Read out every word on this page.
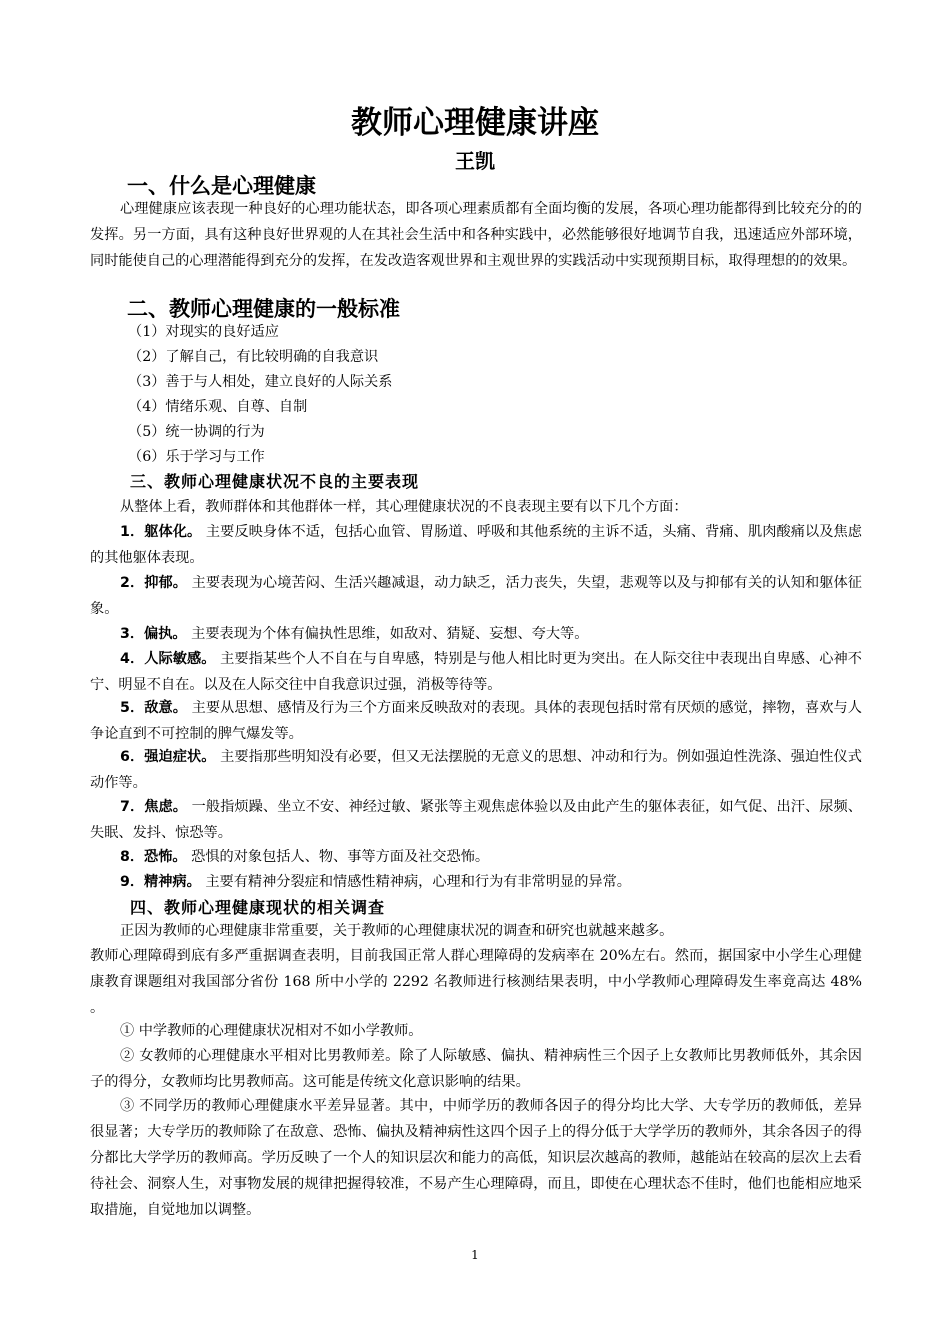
教师心理健康讲座
王凯
一、什么是心理健康
心理健康应该表现一种良好的心理功能状态，即各项心理素质都有全面均衡的发展，各项心理功能都得到比较充分的的发挥。另一方面，具有这种良好世界观的人在其社会生活中和各种实践中，必然能够很好地调节自我，迅速适应外部环境，同时能使自己的心理潜能得到充分的发挥，在发改造客观世界和主观世界的实践活动中实现预期目标，取得理想的的效果。
二、教师心理健康的一般标准
（1）对现实的良好适应
（2）了解自己，有比较明确的自我意识
（3）善于与人相处，建立良好的人际关系
（4）情绪乐观、自尊、自制
（5）统一协调的行为
（6）乐于学习与工作
三、教师心理健康状况不良的主要表现
从整体上看，教师群体和其他群体一样，其心理健康状况的不良表现主要有以下几个方面：
1．躯体化。 主要反映身体不适，包括心血管、胃肠道、呼吸和其他系统的主诉不适，头痛、背痛、肌肉酸痛以及焦虑的其他躯体表现。
2．抑郁。 主要表现为心境苦闷、生活兴趣减退，动力缺乏，活力丧失，失望，悲观等以及与抑郁有关的认知和躯体征象。
3．偏执。 主要表现为个体有偏执性思维，如敌对、猜疑、妄想、夸大等。
4．人际敏感。 主要指某些个人不自在与自卑感，特别是与他人相比时更为突出。在人际交往中表现出自卑感、心神不宁、明显不自在。以及在人际交往中自我意识过强，消极等待等。
5．敌意。 主要从思想、感情及行为三个方面来反映敌对的表现。具体的表现包括时常有厌烦的感觉，摔物，喜欢与人争论直到不可控制的脾气爆发等。
6．强迫症状。 主要指那些明知没有必要，但又无法摆脱的无意义的思想、冲动和行为。例如强迫性洗涤、强迫性仪式动作等。
7．焦虑。 一般指烦躁、坐立不安、神经过敏、紧张等主观焦虑体验以及由此产生的躯体表征，如气促、出汗、尿频、失眠、发抖、惊恐等。
8．恐怖。 恐惧的对象包括人、物、事等方面及社交恐怖。
9．精神病。 主要有精神分裂症和情感性精神病，心理和行为有非常明显的异常。
四、教师心理健康现状的相关调查
正因为教师的心理健康非常重要，关于教师的心理健康状况的调查和研究也就越来越多。
教师心理障碍到底有多严重据调查表明，目前我国正常人群心理障碍的发病率在 20%左右。然而，据国家中小学生心理健康教育课题组对我国部分省份 168 所中小学的 2292 名教师进行核测结果表明，中小学教师心理障碍发生率竟高达 48% 。
① 中学教师的心理健康状况相对不如小学教师。
② 女教师的心理健康水平相对比男教师差。除了人际敏感、偏执、精神病性三个因子上女教师比男教师低外，其余因子的得分，女教师均比男教师高。这可能是传统文化意识影响的结果。
③ 不同学历的教师心理健康水平差异显著。其中，中师学历的教师各因子的得分均比大学、大专学历的教师低，差异很显著；大专学历的教师除了在敌意、恐怖、偏执及精神病性这四个因子上的得分低于大学学历的教师外，其余各因子的得分都比大学学历的教师高。学历反映了一个人的知识层次和能力的高低，知识层次越高的教师，越能站在较高的层次上去看待社会、洞察人生，对事物发展的规律把握得较准，不易产生心理障碍，而且，即使在心理状态不佳时，他们也能相应地采取措施，自觉地加以调整。
1
